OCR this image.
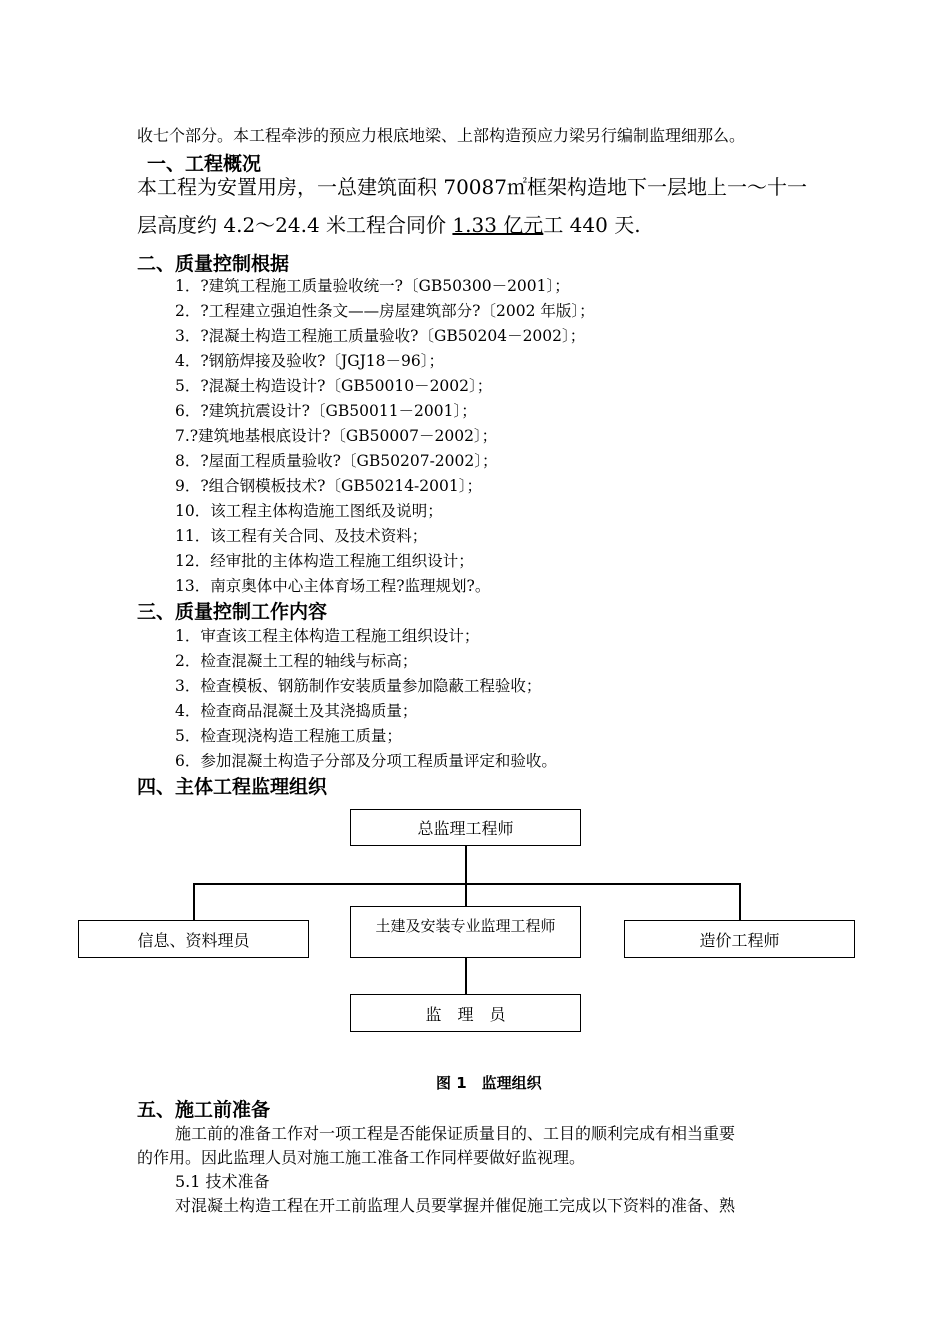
收七个部分。本工程牵涉的预应力根底地梁、上部构造预应力梁另行编制监理细那么。
一、工程概况
本工程为安置用房，一总建筑面积 70087㎡框架构造地下一层地上一～十一
层高度约 4.2～24.4 米工程合同价 1.33 亿元工 440 天.
二、质量控制根据
1．?建筑工程施工质量验收统一?〔GB50300－2001〕；
2．?工程建立强迫性条文——房屋建筑部分?〔2002 年版〕；
3．?混凝土构造工程施工质量验收?〔GB50204－2002〕；
4．?钢筋焊接及验收?〔JGJ18－96〕；
5．?混凝土构造设计?〔GB50010－2002〕；
6．?建筑抗震设计?〔GB50011－2001〕；
7.?建筑地基根底设计?〔GB50007－2002〕；
8．?屋面工程质量验收?〔GB50207-2002〕；
9．?组合钢模板技术?〔GB50214-2001〕；
10．该工程主体构造施工图纸及说明；
11．该工程有关合同、及技术资料；
12．经审批的主体构造工程施工组织设计；
13．南京奥体中心主体育场工程?监理规划?。
三、质量控制工作内容
1．审查该工程主体构造工程施工组织设计；
2．检查混凝土工程的轴线与标高；
3．检查模板、钢筋制作安装质量参加隐蔽工程验收；
4．检查商品混凝土及其浇捣质量；
5．检查现浇构造工程施工质量；
6．参加混凝土构造子分部及分项工程质量评定和验收。
四、主体工程监理组织
总监理工程师
信息、资料理员
土建及安装专业监理工程师
造价工程师
监　理　员
图 1　监理组织
五、施工前准备
施工前的准备工作对一项工程是否能保证质量目的、工目的顺利完成有相当重要
的作用。因此监理人员对施工施工准备工作同样要做好监视理。
5.1 技术准备
对混凝土构造工程在开工前监理人员要掌握并催促施工完成以下资料的准备、熟
